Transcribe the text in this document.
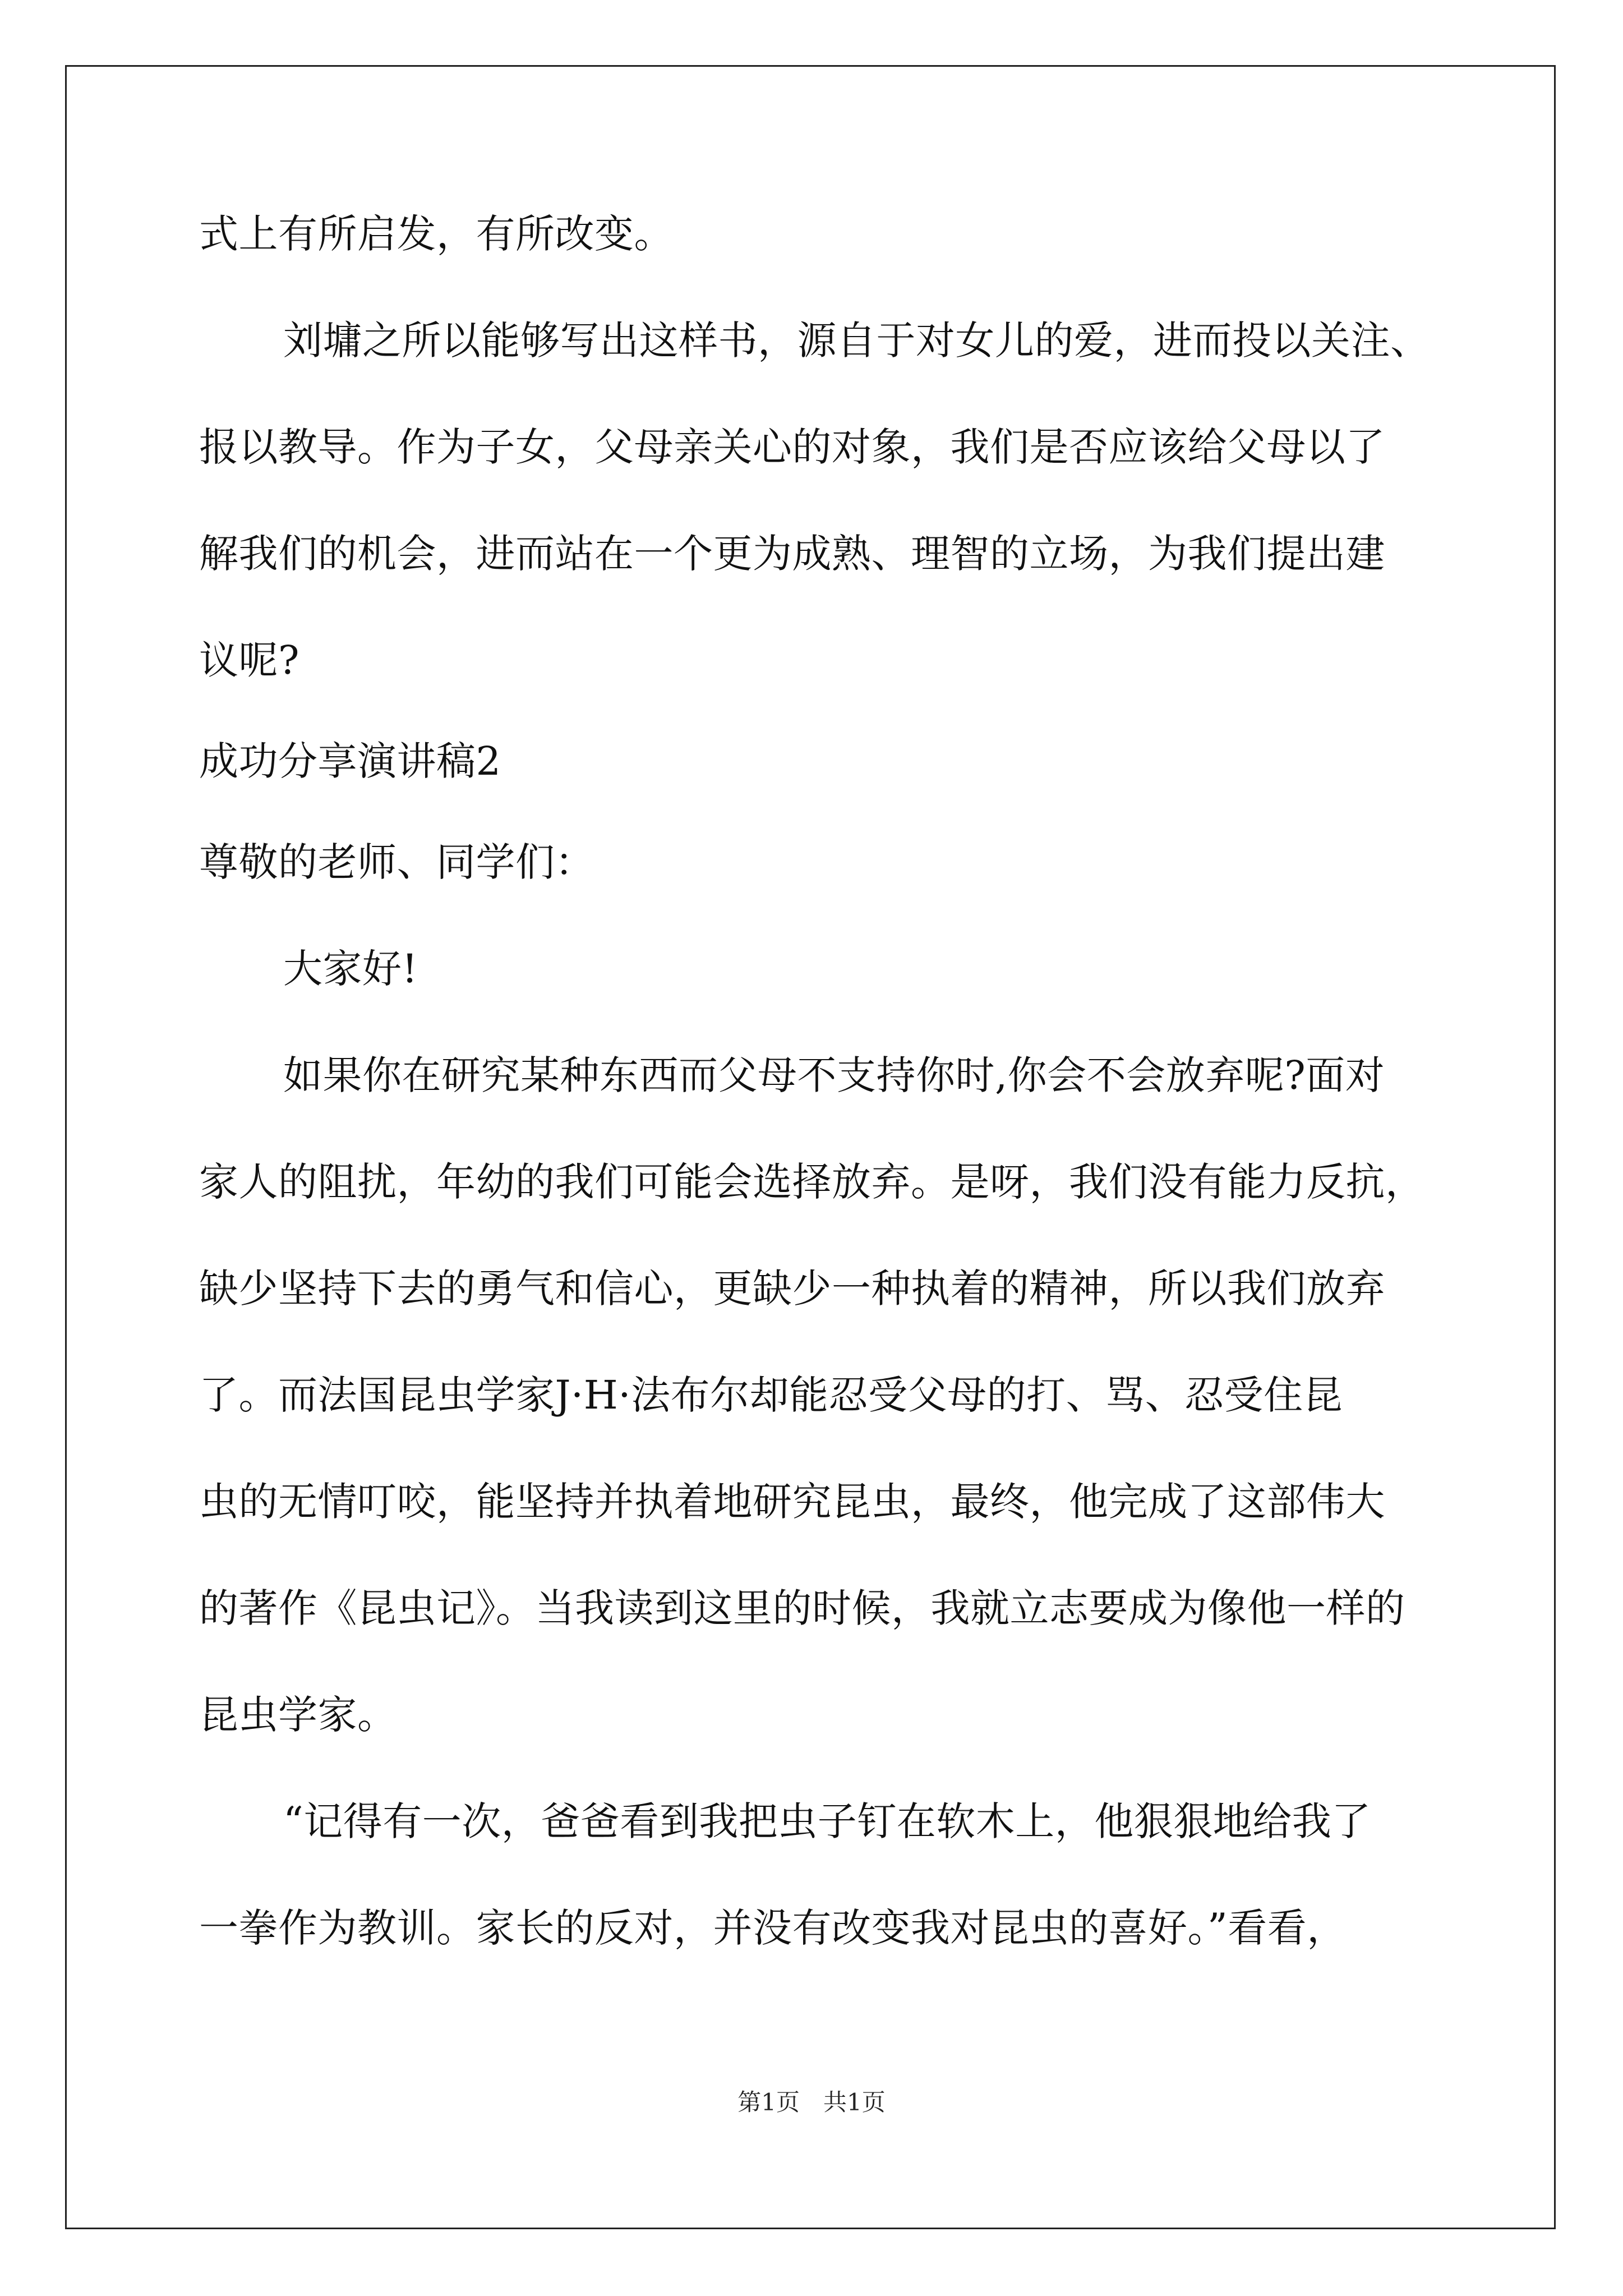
式上有所启发，有所改变。
刘墉之所以能够写出这样书，源自于对女儿的爱，进而投以关注、
报以教导。作为子女，父母亲关心的对象，我们是否应该给父母以了
解我们的机会，进而站在一个更为成熟、理智的立场，为我们提出建
议呢?
成功分享演讲稿2
尊敬的老师、同学们：
大家好!
如果你在研究某种东西而父母不支持你时,你会不会放弃呢?面对
家人的阻扰，年幼的我们可能会选择放弃。是呀，我们没有能力反抗，
缺少坚持下去的勇气和信心，更缺少一种执着的精神，所以我们放弃
了。而法国昆虫学家J·H·法布尔却能忍受父母的打、骂、忍受住昆
虫的无情叮咬，能坚持并执着地研究昆虫，最终，他完成了这部伟大
的著作《昆虫记》。当我读到这里的时候，我就立志要成为像他一样的
昆虫学家。
“记得有一次，爸爸看到我把虫子钉在软木上，他狠狠地给我了
一拳作为教训。家长的反对，并没有改变我对昆虫的喜好。”看看，
第1页 共1页
